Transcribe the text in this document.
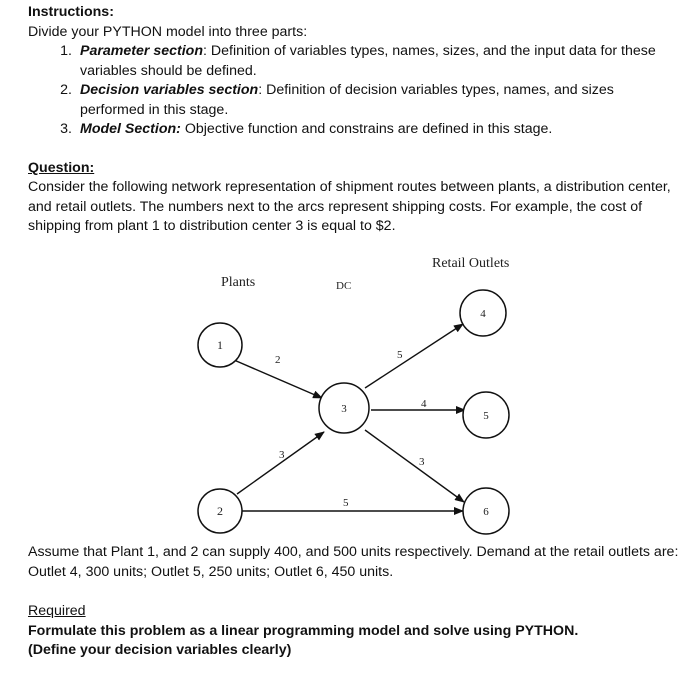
Instructions:
Divide your PYTHON model into three parts:
1. Parameter section: Definition of variables types, names, sizes, and the input data for these variables should be defined.
2. Decision variables section: Definition of decision variables types, names, and sizes performed in this stage.
3. Model Section: Objective function and constrains are defined in this stage.
Question:
Consider the following network representation of shipment routes between plants, a distribution center, and retail outlets. The numbers next to the arcs represent shipping costs. For example, the cost of shipping from plant 1 to distribution center 3 is equal to $2.
Assume that Plant 1, and 2 can supply 400, and 500 units respectively. Demand at the retail outlets are: Outlet 4, 300 units; Outlet 5, 250 units; Outlet 6, 450 units.
Required
Formulate this problem as a linear programming model and solve using PYTHON.
(Define your decision variables clearly)
Plants	DC
Retail Outlets
2
3
5
5
4
3
1
2
3
4
5
6
